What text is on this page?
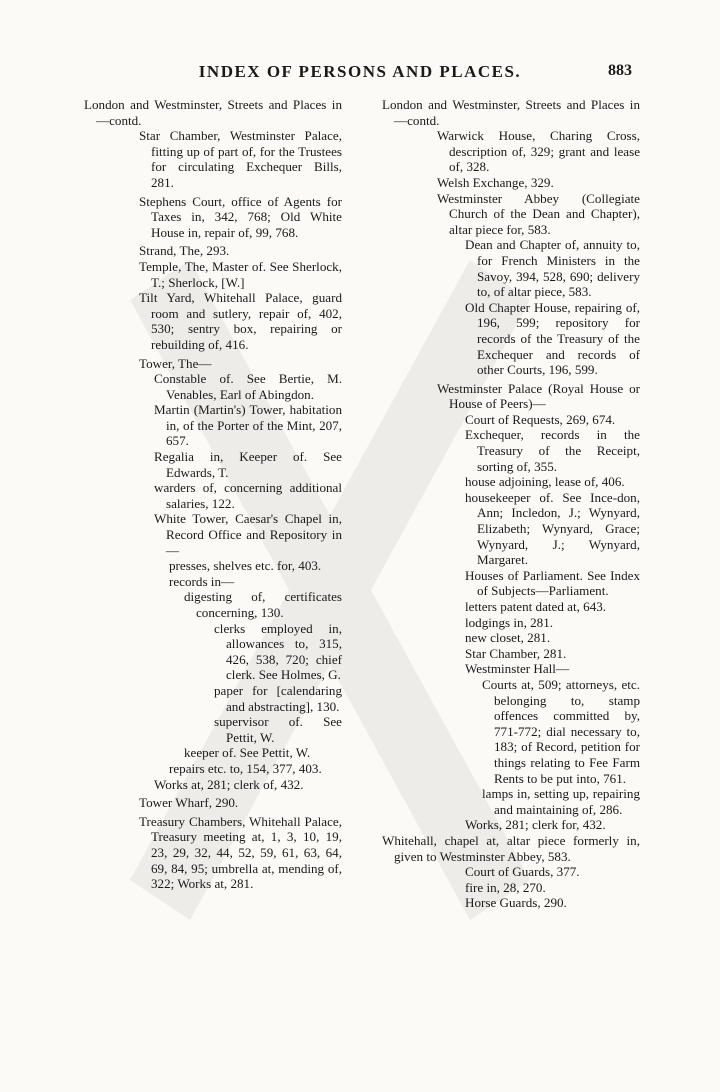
INDEX OF PERSONS AND PLACES.	883
London and Westminster, Streets and Places in—contd.
Star Chamber, Westminster Palace, fitting up of part of, for the Trustees for circulating Exchequer Bills, 281.
Stephens Court, office of Agents for Taxes in, 342, 768; Old White House in, repair of, 99, 768.
Strand, The, 293.
Temple, The, Master of. See Sherlock, T.; Sherlock, [W.]
Tilt Yard, Whitehall Palace, guard room and sutlery, repair of, 402, 530; sentry box, repairing or rebuilding of, 416.
Tower, The—
Constable of. See Bertie, M. Venables, Earl of Abingdon.
Martin (Martin's) Tower, habitation in, of the Porter of the Mint, 207, 657.
Regalia in, Keeper of. See Edwards, T.
warders of, concerning additional salaries, 122.
White Tower, Caesar's Chapel in, Record Office and Repository in—
presses, shelves etc. for, 403.
records in—
digesting of, certificates concerning, 130.
clerks employed in, allowances to, 315, 426, 538, 720; chief clerk. See Holmes, G.
paper for [calendaring and abstracting], 130.
supervisor of. See Pettit, W.
keeper of. See Pettit, W.
repairs etc. to, 154, 377, 403.
Works at, 281; clerk of, 432.
Tower Wharf, 290.
Treasury Chambers, Whitehall Palace, Treasury meeting at, 1, 3, 10, 19, 23, 29, 32, 44, 52, 59, 61, 63, 64, 69, 84, 95; umbrella at, mending of, 322; Works at, 281.
London and Westminster, Streets and Places in—contd.
Warwick House, Charing Cross, description of, 329; grant and lease of, 328.
Welsh Exchange, 329.
Westminster Abbey (Collegiate Church of the Dean and Chapter), altar piece for, 583.
Dean and Chapter of, annuity to, for French Ministers in the Savoy, 394, 528, 690; delivery to, of altar piece, 583.
Old Chapter House, repairing of, 196, 599; repository for records of the Treasury of the Exchequer and records of other Courts, 196, 599.
Westminster Palace (Royal House or House of Peers)—
Court of Requests, 269, 674.
Exchequer, records in the Treasury of the Receipt, sorting of, 355.
house adjoining, lease of, 406.
housekeeper of. See Ince-don, Ann; Incledon, J.; Wynyard, Elizabeth; Wynyard, Grace; Wynyard, J.; Wynyard, Margaret.
Houses of Parliament. See Index of Subjects—Parliament.
letters patent dated at, 643.
lodgings in, 281.
new closet, 281.
Star Chamber, 281.
Westminster Hall—
Courts at, 509; attorneys, etc. belonging to, stamp offences committed by, 771-772; dial necessary to, 183; of Record, petition for things relating to Fee Farm Rents to be put into, 761.
lamps in, setting up, repairing and maintaining of, 286.
Works, 281; clerk for, 432.
Whitehall, chapel at, altar piece formerly in, given to Westminster Abbey, 583.
Court of Guards, 377.
fire in, 28, 270.
Horse Guards, 290.
